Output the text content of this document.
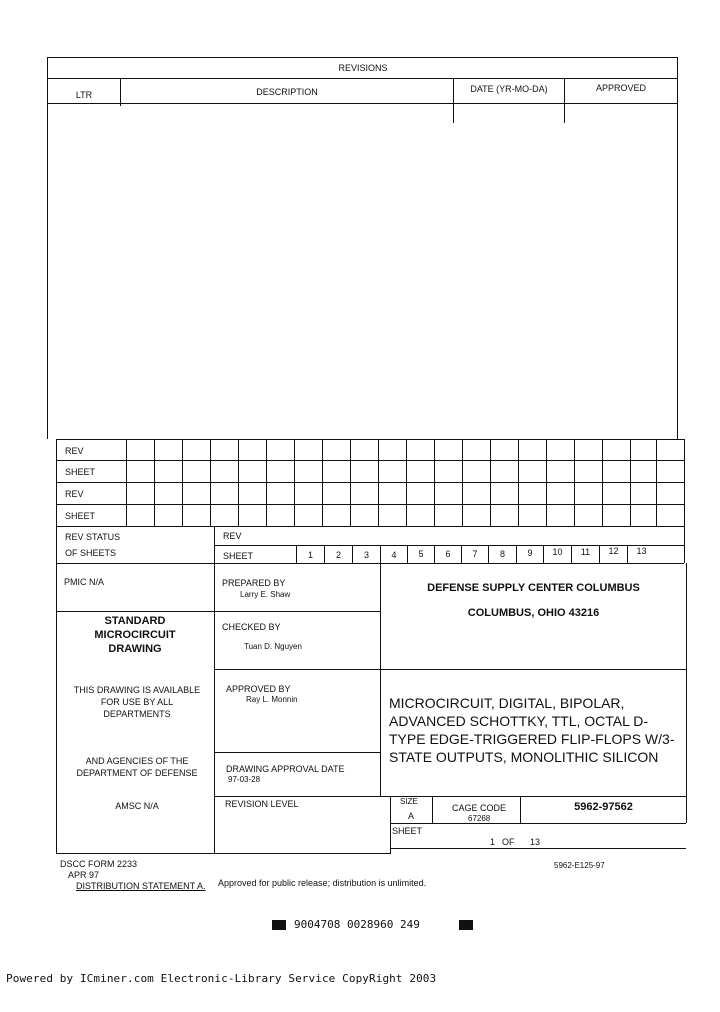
REVISIONS
LTR	DESCRIPTION	DATE (YR-MO-DA)	APPROVED
REV
SHEET
REV
SHEET
REV STATUS
OF SHEETS
REV
SHEET	1	2	3	4	5	6	7	8	9	10	11	12	13
PMIC N/A
STANDARD
MICROCIRCUIT
DRAWING
THIS DRAWING IS AVAILABLE
FOR USE BY ALL
DEPARTMENTS
AND AGENCIES OF THE
DEPARTMENT OF DEFENSE
AMSC N/A
PREPARED BY
Larry E. Shaw
CHECKED BY
Tuan D. Nguyen
APPROVED BY
Ray L. Monnin
DRAWING APPROVAL DATE
97-03-28
REVISION LEVEL
DEFENSE SUPPLY CENTER COLUMBUS
COLUMBUS, OHIO 43216
MICROCIRCUIT, DIGITAL, BIPOLAR,
ADVANCED SCHOTTKY, TTL, OCTAL D-
TYPE EDGE-TRIGGERED FLIP-FLOPS W/3-
STATE OUTPUTS, MONOLITHIC SILICON
SIZE
A
CAGE CODE
67268
5962-97562
SHEET
1 OF 13
DSCC FORM 2233
APR 97
5962-E125-97
DISTRIBUTION STATEMENT A. Approved for public release; distribution is unlimited.
9004708 0028960 249
Powered by ICminer.com Electronic-Library Service CopyRight 2003
